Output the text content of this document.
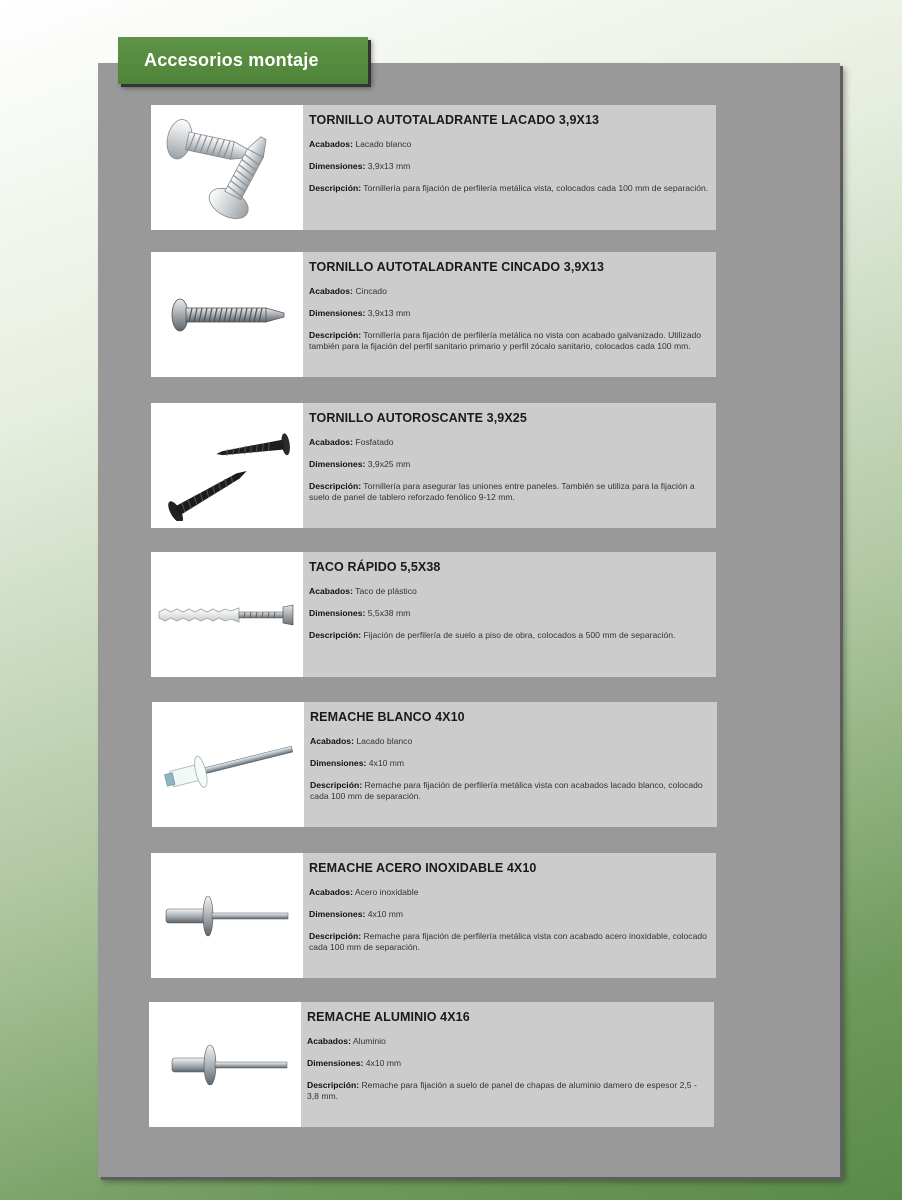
Accesorios montaje
TORNILLO AUTOTALADRANTE LACADO 3,9X13

Acabados: Lacado blanco

Dimensiones: 3,9x13 mm

Descripción: Tornillería para fijación de perfilería metálica vista, colocados cada 100 mm de separación.

TORNILLO AUTOTALADRANTE CINCADO 3,9X13

Acabados: Cincado

Dimensiones: 3,9x13 mm

Descripción: Tornillería para fijación de perfilería metálica no vista con acabado galvanizado. Utilizado también para la fijación del perfil sanitario primario y perfil zócalo sanitario, colocados cada 100 mm.

TORNILLO AUTOROSCANTE 3,9X25

Acabados: Fosfatado

Dimensiones: 3,9x25 mm

Descripción: Tornillería para asegurar las uniones entre paneles. También se utiliza para la fijación a suelo de panel de tablero reforzado fenólico 9-12 mm.

TACO RÁPIDO 5,5X38

Acabados: Taco de plástico

Dimensiones: 5,5x38 mm

Descripción: Fijación de perfilería de suelo a piso de obra, colocados a 500 mm de separación.

REMACHE BLANCO 4X10

Acabados: Lacado blanco

Dimensiones: 4x10 mm

Descripción: Remache para fijación de perfilería metálica vista con acabados lacado blanco, colocado cada 100 mm de separación.

REMACHE ACERO INOXIDABLE 4X10

Acabados: Acero inoxidable

Dimensiones: 4x10 mm

Descripción: Remache para fijación de perfilería metálica vista con acabado acero inoxidable, colocado cada 100 mm de separación.

REMACHE ALUMINIO 4X16

Acabados: Aluminio

Dimensiones: 4x10 mm

Descripción: Remache para fijación a suelo de panel de chapas de aluminio damero de espesor 2,5 - 3,8 mm.
